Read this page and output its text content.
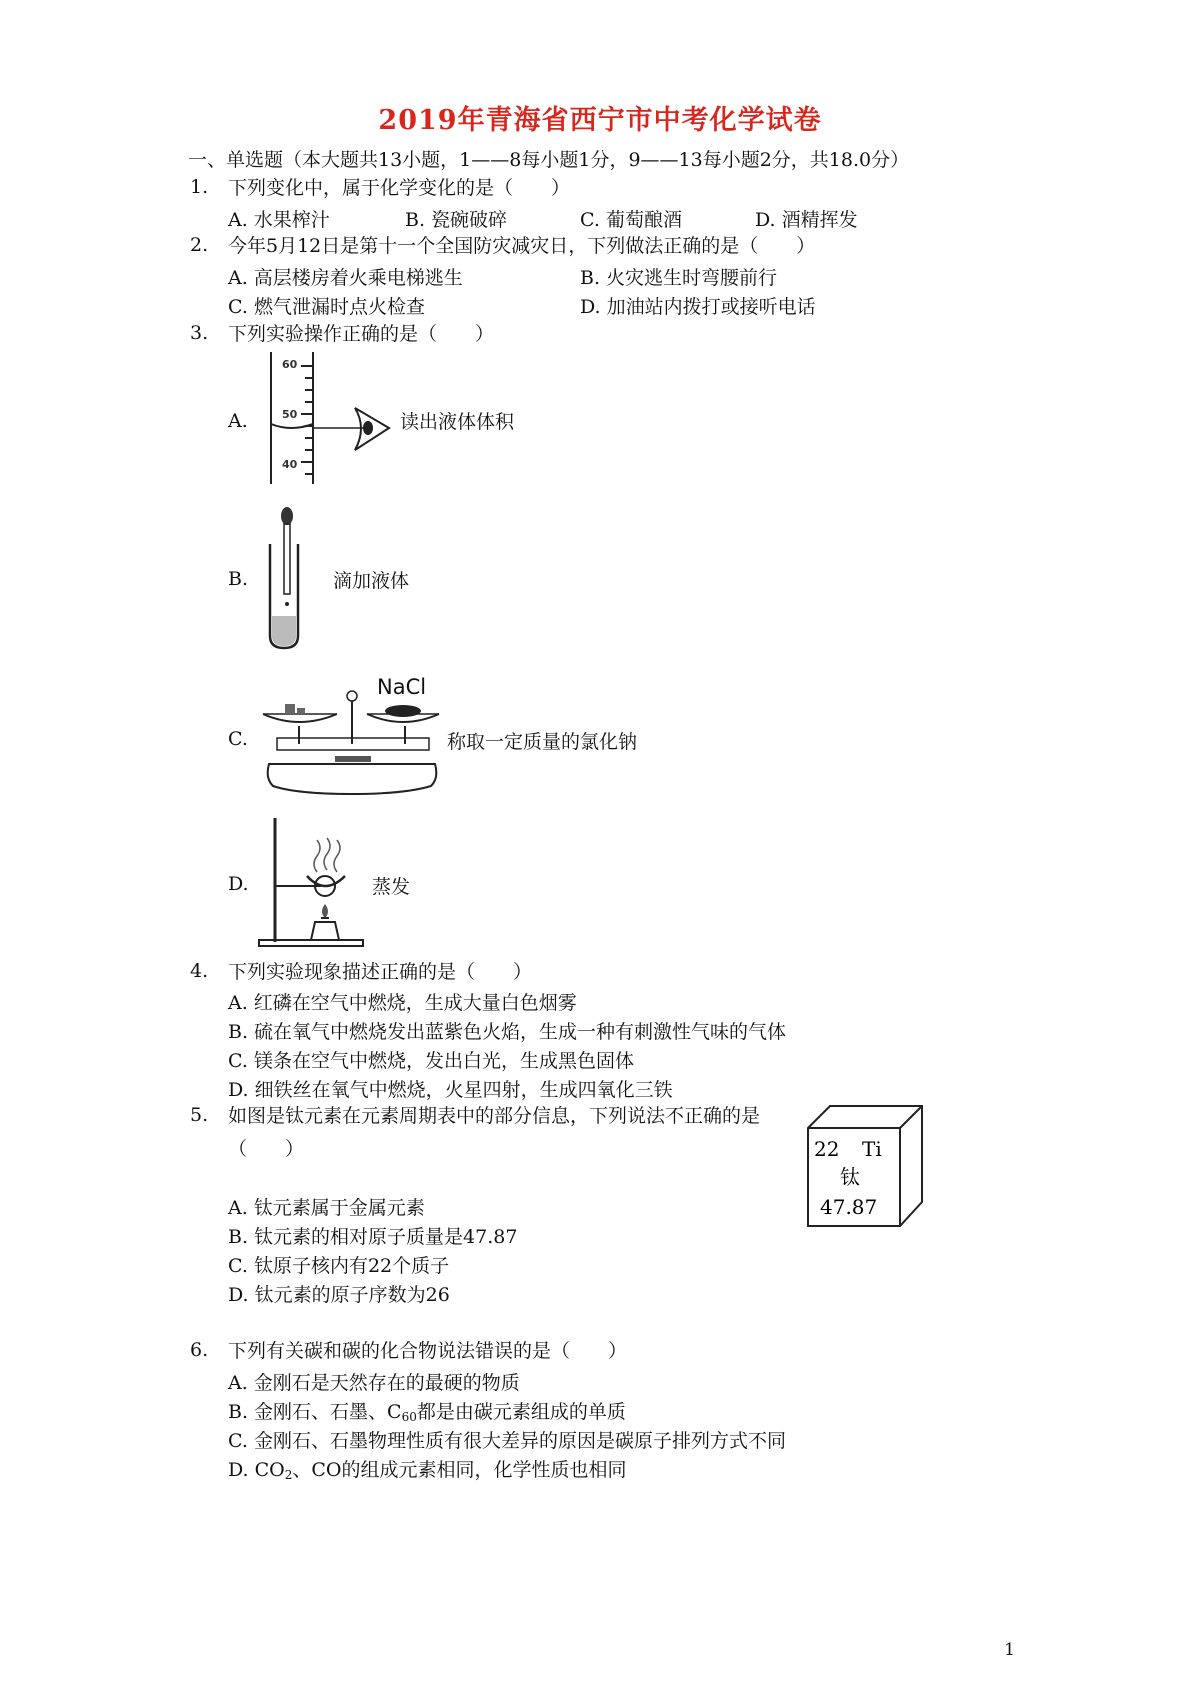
2019年青海省西宁市中考化学试卷
一、单选题（本大题共13小题，1——8每小题1分，9——13每小题2分，共18.0分）
1. 下列变化中，属于化学变化的是（　　）
A. 水果榨汁	B. 瓷碗破碎	C. 葡萄酿酒	D. 酒精挥发
2. 今年5月12日是第十一个全国防灾减灾日，下列做法正确的是（　　）
A. 高层楼房着火乘电梯逃生	B. 火灾逃生时弯腰前行
C. 燃气泄漏时点火检查	D. 加油站内拨打或接听电话
3. 下列实验操作正确的是（　　）
A.
60
50
40
读出液体体积
B.	滴加液体
C.
NaCl
称取一定质量的氯化钠
D.	蒸发
4. 下列实验现象描述正确的是（　　）
A. 红磷在空气中燃烧，生成大量白色烟雾
B. 硫在氧气中燃烧发出蓝紫色火焰，生成一种有刺激性气味的气体
C. 镁条在空气中燃烧，发出白光，生成黑色固体
D. 细铁丝在氧气中燃烧，火星四射，生成四氧化三铁
5. 如图是钛元素在元素周期表中的部分信息，下列说法不正确的是
（　　）
A. 钛元素属于金属元素
B. 钛元素的相对原子质量是47.87
C. 钛原子核内有22个质子
D. 钛元素的原子序数为26
22 Ti
钛
47.87
6. 下列有关碳和碳的化合物说法错误的是（　　）
A. 金刚石是天然存在的最硬的物质
B. 金刚石、石墨、$C_{60}$都是由碳元素组成的单质
C. 金刚石、石墨物理性质有很大差异的原因是碳原子排列方式不同
D. $CO_2$、CO的组成元素相同，化学性质也相同
1
